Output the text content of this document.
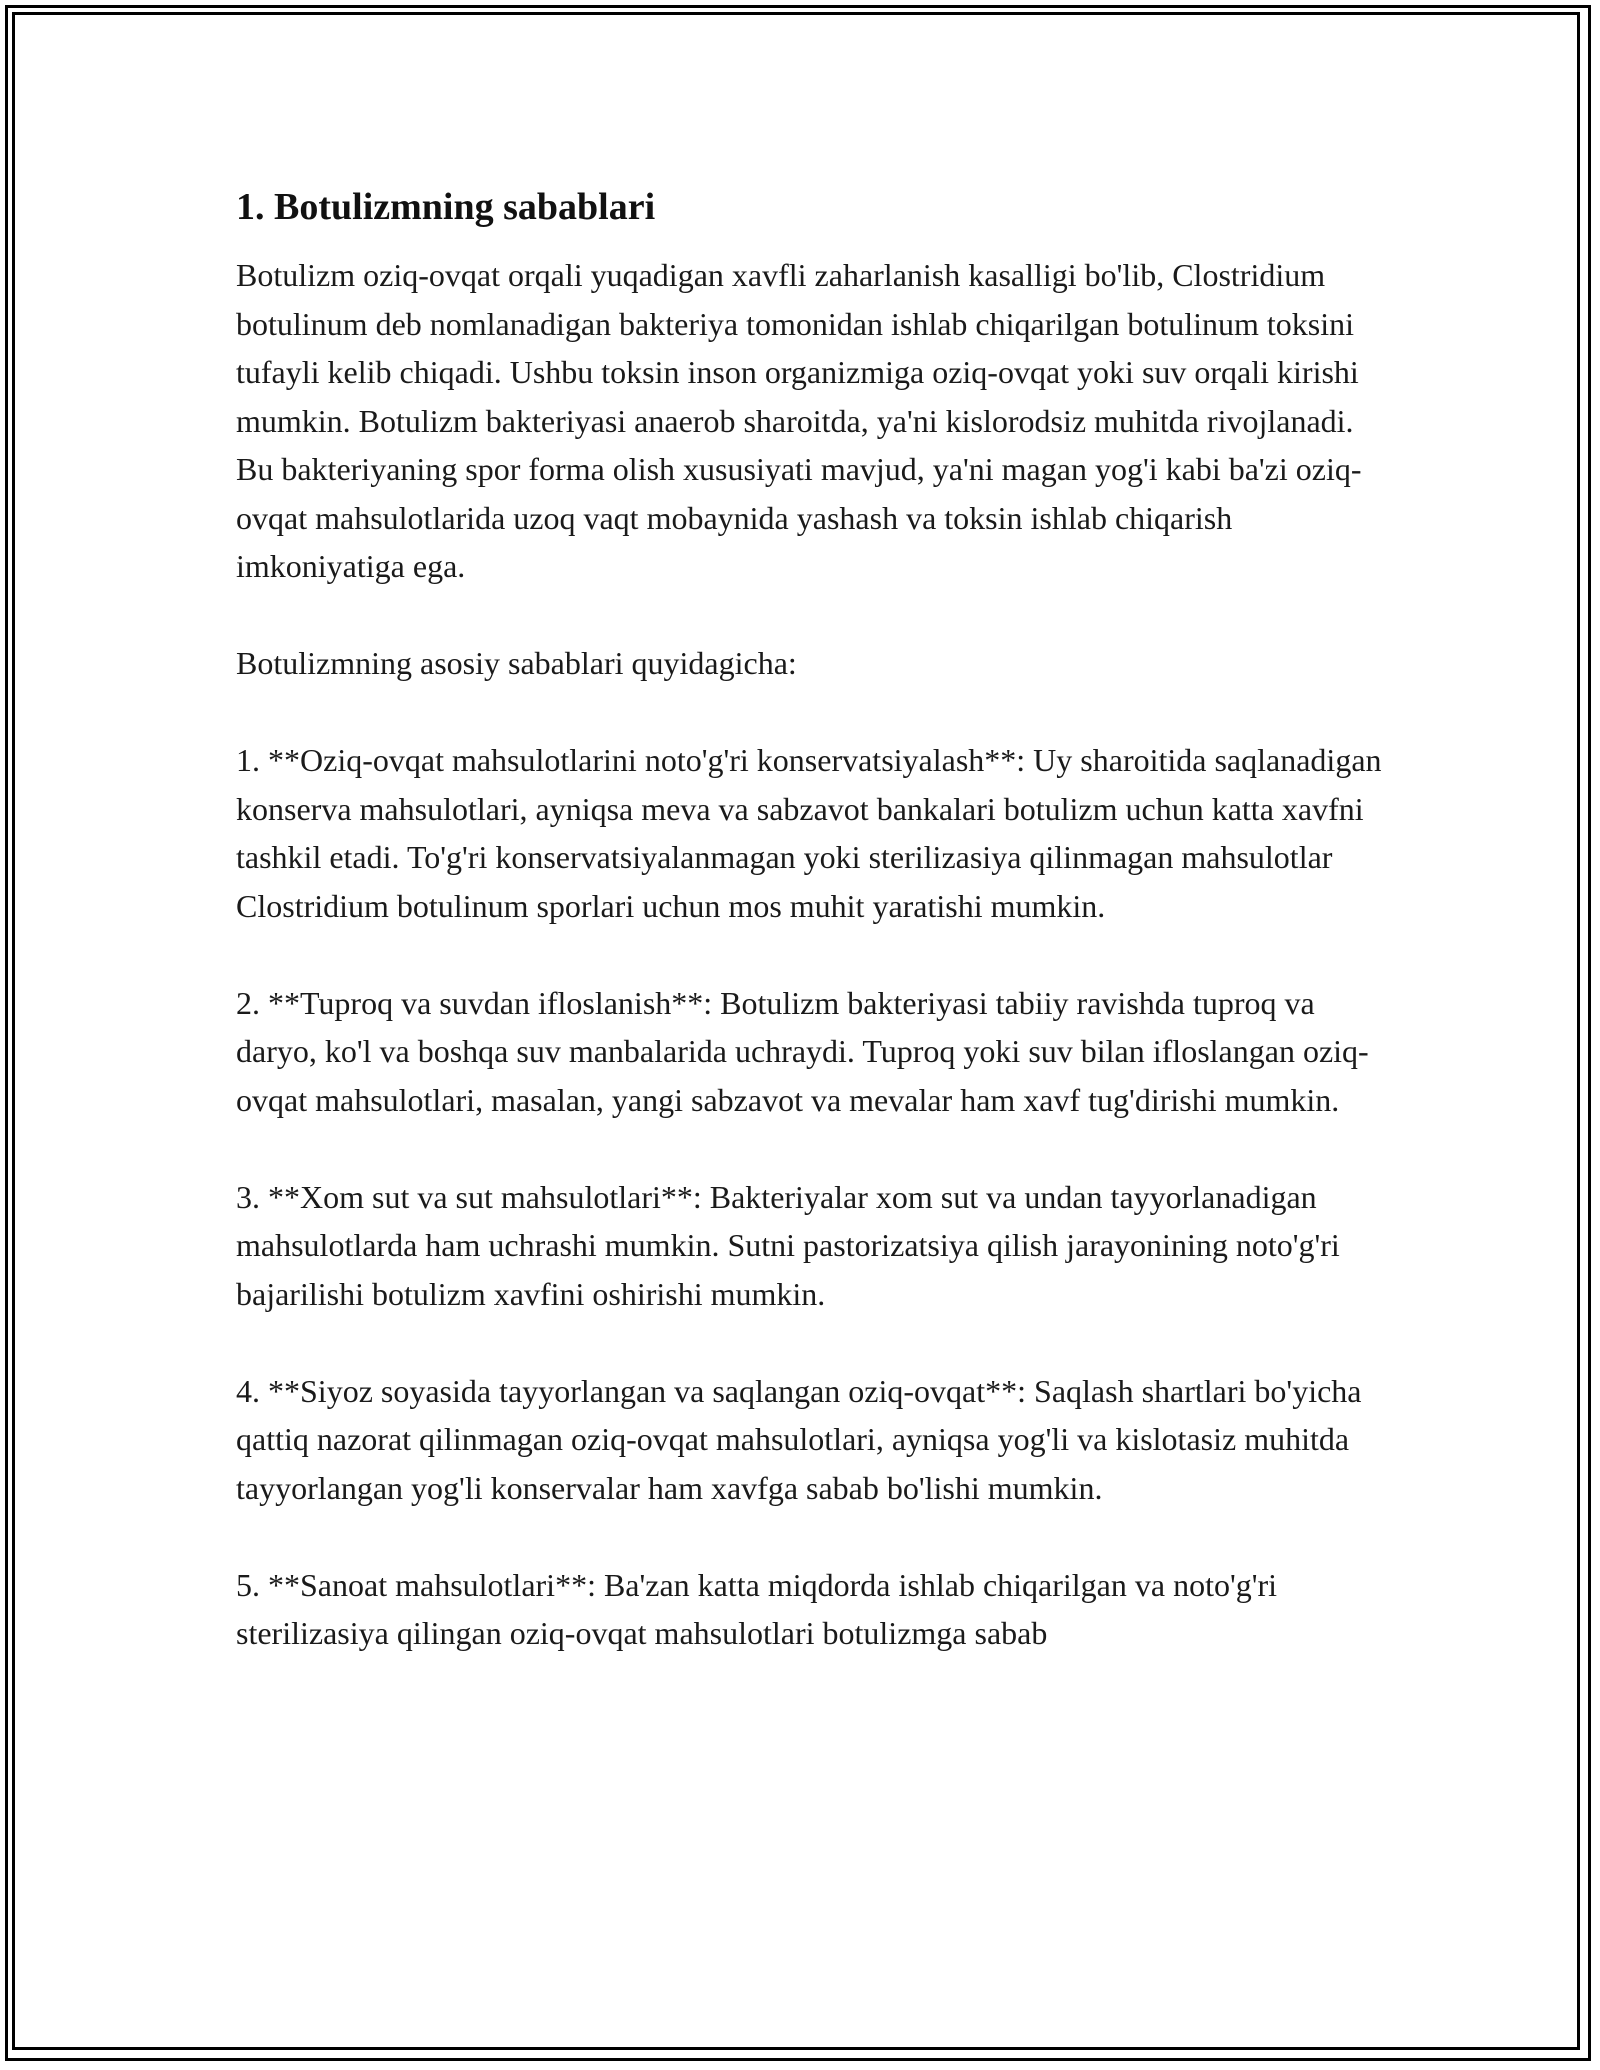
1. Botulizmning sabablari

Botulizm oziq-ovqat orqali yuqadigan xavfli zaharlanish kasalligi bo'lib, Clostridium botulinum deb nomlanadigan bakteriya tomonidan ishlab chiqarilgan botulinum toksini tufayli kelib chiqadi. Ushbu toksin inson organizmiga oziq-ovqat yoki suv orqali kirishi mumkin. Botulizm bakteriyasi anaerob sharoitda, ya'ni kislorodsiz muhitda rivojlanadi. Bu bakteriyaning spor forma olish xususiyati mavjud, ya'ni magan yog'i kabi ba'zi oziq-ovqat mahsulotlarida uzoq vaqt mobaynida yashash va toksin ishlab chiqarish imkoniyatiga ega.

Botulizmning asosiy sabablari quyidagicha:

1. **Oziq-ovqat mahsulotlarini noto'g'ri konservatsiyalash**: Uy sharoitida saqlanadigan konserva mahsulotlari, ayniqsa meva va sabzavot bankalari botulizm uchun katta xavfni tashkil etadi. To'g'ri konservatsiyalanmagan yoki sterilizasiya qilinmagan mahsulotlar Clostridium botulinum sporlari uchun mos muhit yaratishi mumkin.

2. **Tuproq va suvdan ifloslanish**: Botulizm bakteriyasi tabiiy ravishda tuproq va daryo, ko'l va boshqa suv manbalarida uchraydi. Tuproq yoki suv bilan ifloslangan oziq-ovqat mahsulotlari, masalan, yangi sabzavot va mevalar ham xavf tug'dirishi mumkin.

3. **Xom sut va sut mahsulotlari**: Bakteriyalar xom sut va undan tayyorlanadigan mahsulotlarda ham uchrashi mumkin. Sutni pastorizatsiya qilish jarayonining noto'g'ri bajarilishi botulizm xavfini oshirishi mumkin.

4. **Siyoz soyasida tayyorlangan va saqlangan oziq-ovqat**: Saqlash shartlari bo'yicha qattiq nazorat qilinmagan oziq-ovqat mahsulotlari, ayniqsa yog'li va kislotasiz muhitda tayyorlangan yog'li konservalar ham xavfga sabab bo'lishi mumkin.

5. **Sanoat mahsulotlari**: Ba'zan katta miqdorda ishlab chiqarilgan va noto'g'ri sterilizasiya qilingan oziq-ovqat mahsulotlari botulizmga sabab
